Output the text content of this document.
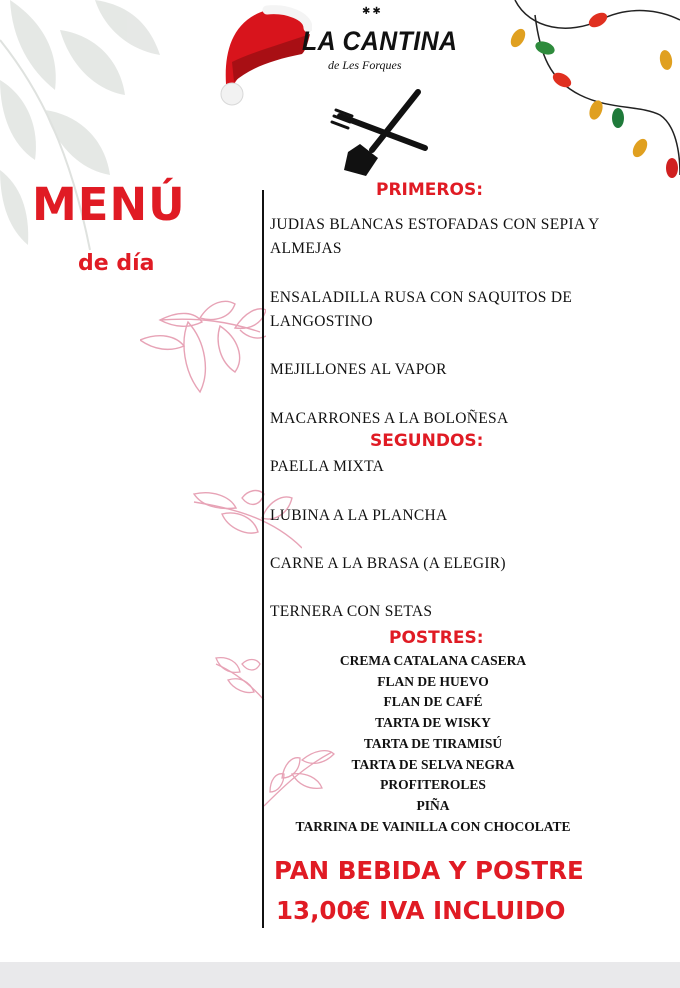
✱✱
LA CANTINA
de Les Forques
MENÚ
de día
PRIMEROS:
JUDIAS BLANCAS ESTOFADAS CON SEPIA Y ALMEJAS
ENSALADILLA RUSA CON SAQUITOS DE LANGOSTINO
MEJILLONES AL VAPOR
MACARRONES A LA BOLOÑESA
SEGUNDOS:
PAELLA MIXTA
LUBINA A LA PLANCHA
CARNE A LA BRASA (A ELEGIR)
TERNERA CON SETAS
POSTRES:
CREMA CATALANA CASERA
FLAN DE HUEVO
FLAN DE CAFÉ
TARTA DE WISKY
TARTA DE TIRAMISÚ
TARTA DE SELVA NEGRA
PROFITEROLES
PIÑA
TARRINA DE VAINILLA CON CHOCOLATE
PAN BEBIDA Y POSTRE
13,00€ IVA INCLUIDO
